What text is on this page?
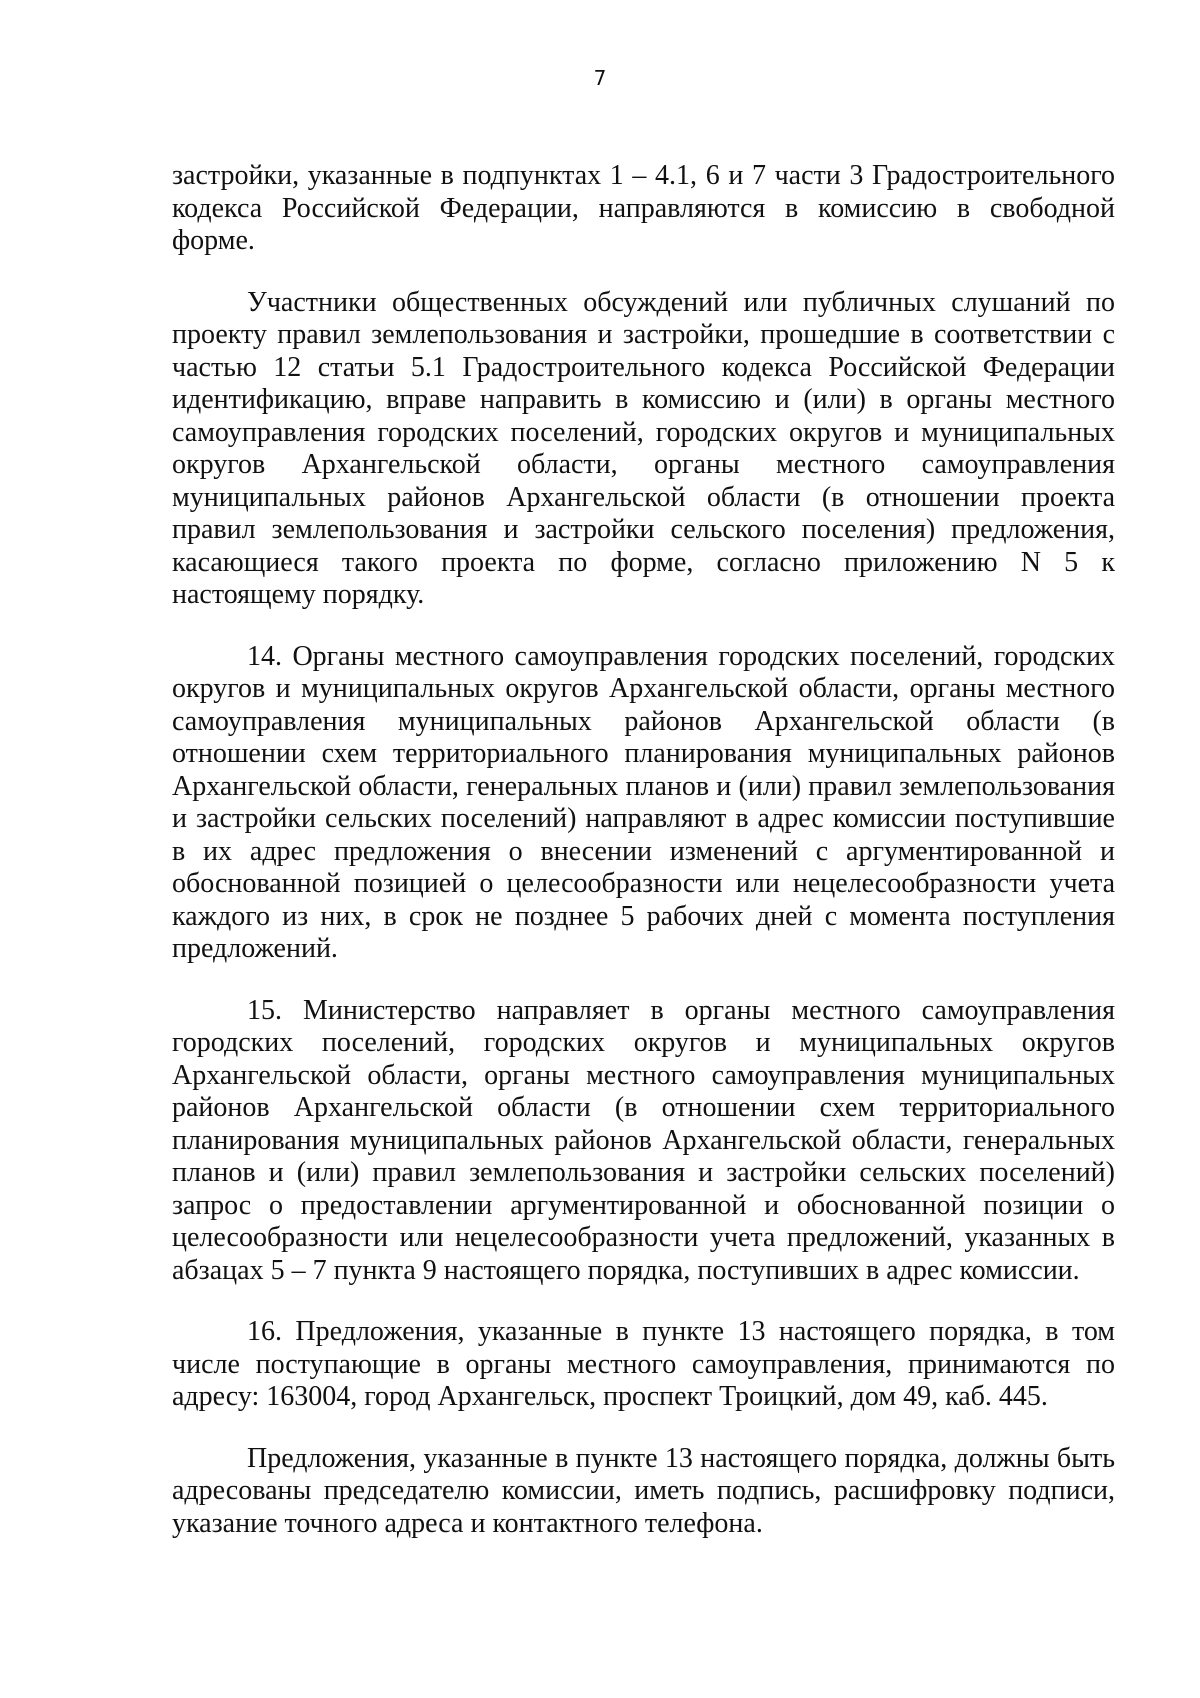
7

застройки, указанные в подпунктах 1 – 4.1, 6 и 7 части 3 Градостроительного кодекса Российской Федерации, направляются в комиссию в свободной форме.

Участники общественных обсуждений или публичных слушаний по проекту правил землепользования и застройки, прошедшие в соответствии с частью 12 статьи 5.1 Градостроительного кодекса Российской Федерации идентификацию, вправе направить в комиссию и (или) в органы местного самоуправления городских поселений, городских округов и муниципальных округов Архангельской области, органы местного самоуправления муниципальных районов Архангельской области (в отношении проекта правил землепользования и застройки сельского поселения) предложения, касающиеся такого проекта по форме, согласно приложению N 5 к настоящему порядку.

14. Органы местного самоуправления городских поселений, городских округов и муниципальных округов Архангельской области, органы местного самоуправления муниципальных районов Архангельской области (в отношении схем территориального планирования муниципальных районов Архангельской области, генеральных планов и (или) правил землепользования и застройки сельских поселений) направляют в адрес комиссии поступившие в их адрес предложения о внесении изменений с аргументированной и обоснованной позицией о целесообразности или нецелесообразности учета каждого из них, в срок не позднее 5 рабочих дней с момента поступления предложений.

15. Министерство направляет в органы местного самоуправления городских поселений, городских округов и муниципальных округов Архангельской области, органы местного самоуправления муниципальных районов Архангельской области (в отношении схем территориального планирования муниципальных районов Архангельской области, генеральных планов и (или) правил землепользования и застройки сельских поселений) запрос о предоставлении аргументированной и обоснованной позиции о целесообразности или нецелесообразности учета предложений, указанных в абзацах 5 – 7 пункта 9 настоящего порядка, поступивших в адрес комиссии.

16. Предложения, указанные в пункте 13 настоящего порядка, в том числе поступающие в органы местного самоуправления, принимаются по адресу: 163004, город Архангельск, проспект Троицкий, дом 49, каб. 445.

Предложения, указанные в пункте 13 настоящего порядка, должны быть адресованы председателю комиссии, иметь подпись, расшифровку подписи, указание точного адреса и контактного телефона.
